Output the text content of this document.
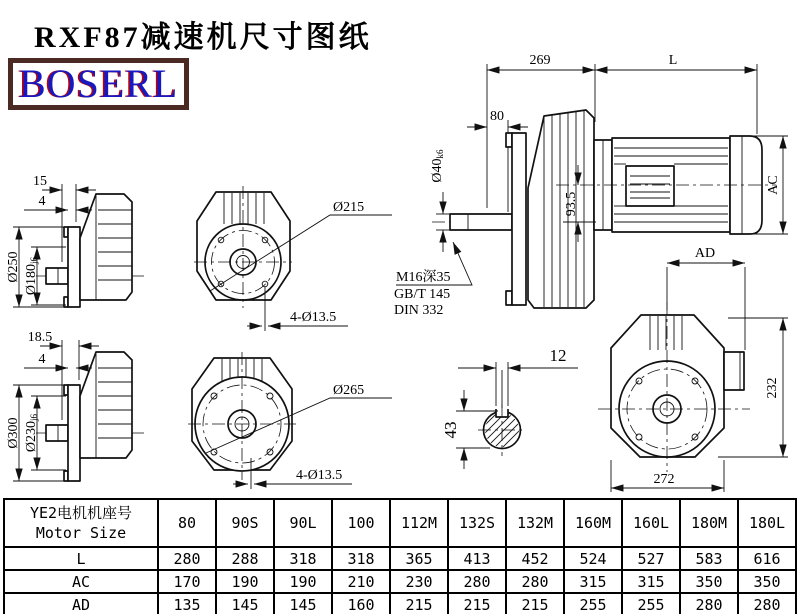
RXF87减速机尺寸图纸
BOSERL
15
4
Ø250 Ø180j6
18.5
4
Ø300 Ø230j6
Ø215
4-Ø13.5
Ø265
4-Ø13.5
269	L
80
Ø40k6
93.5
AC
M16深35
GB/T 145
DIN 332
AD
232
272
12
43
YE2电机机座号
Motor Size	80	90S	90L	100	112M	132S	132M	160M	160L	180M	180L
L	280	288	318	318	365	413	452	524	527	583	616
AC	170	190	190	210	230	280	280	315	315	350	350
AD	135	145	145	160	215	215	215	255	255	280	280
